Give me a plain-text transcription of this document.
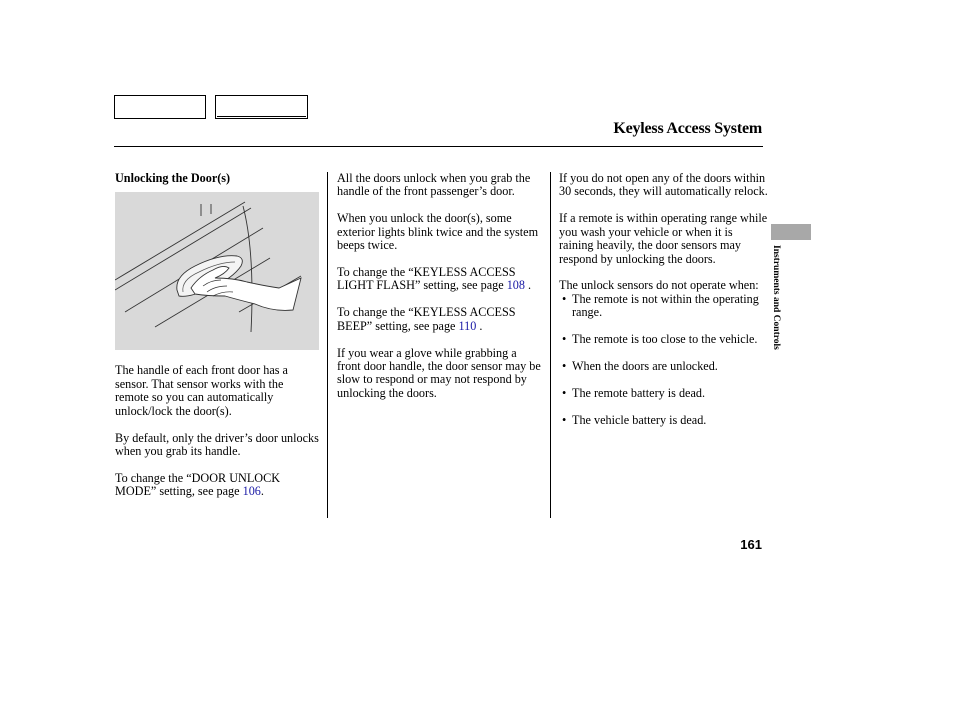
Keyless Access System

Unlocking the Door(s)

The handle of each front door has a sensor. That sensor works with the remote so you can automatically unlock/lock the door(s).

By default, only the driver’s door unlocks when you grab its handle.

To change the “DOOR UNLOCK MODE” setting, see page 106.

All the doors unlock when you grab the handle of the front passenger’s door.

When you unlock the door(s), some exterior lights blink twice and the system beeps twice.

To change the “KEYLESS ACCESS LIGHT FLASH” setting, see page 108 .

To change the “KEYLESS ACCESS BEEP” setting, see page 110 .

If you wear a glove while grabbing a front door handle, the door sensor may be slow to respond or may not respond by unlocking the doors.

If you do not open any of the doors within 30 seconds, they will automatically relock.

If a remote is within operating range while you wash your vehicle or when it is raining heavily, the door sensors may respond by unlocking the doors.

The unlock sensors do not operate when:

• The remote is not within the operating range.
• The remote is too close to the vehicle.
• When the doors are unlocked.
• The remote battery is dead.
• The vehicle battery is dead.
Instruments and Controls
161
